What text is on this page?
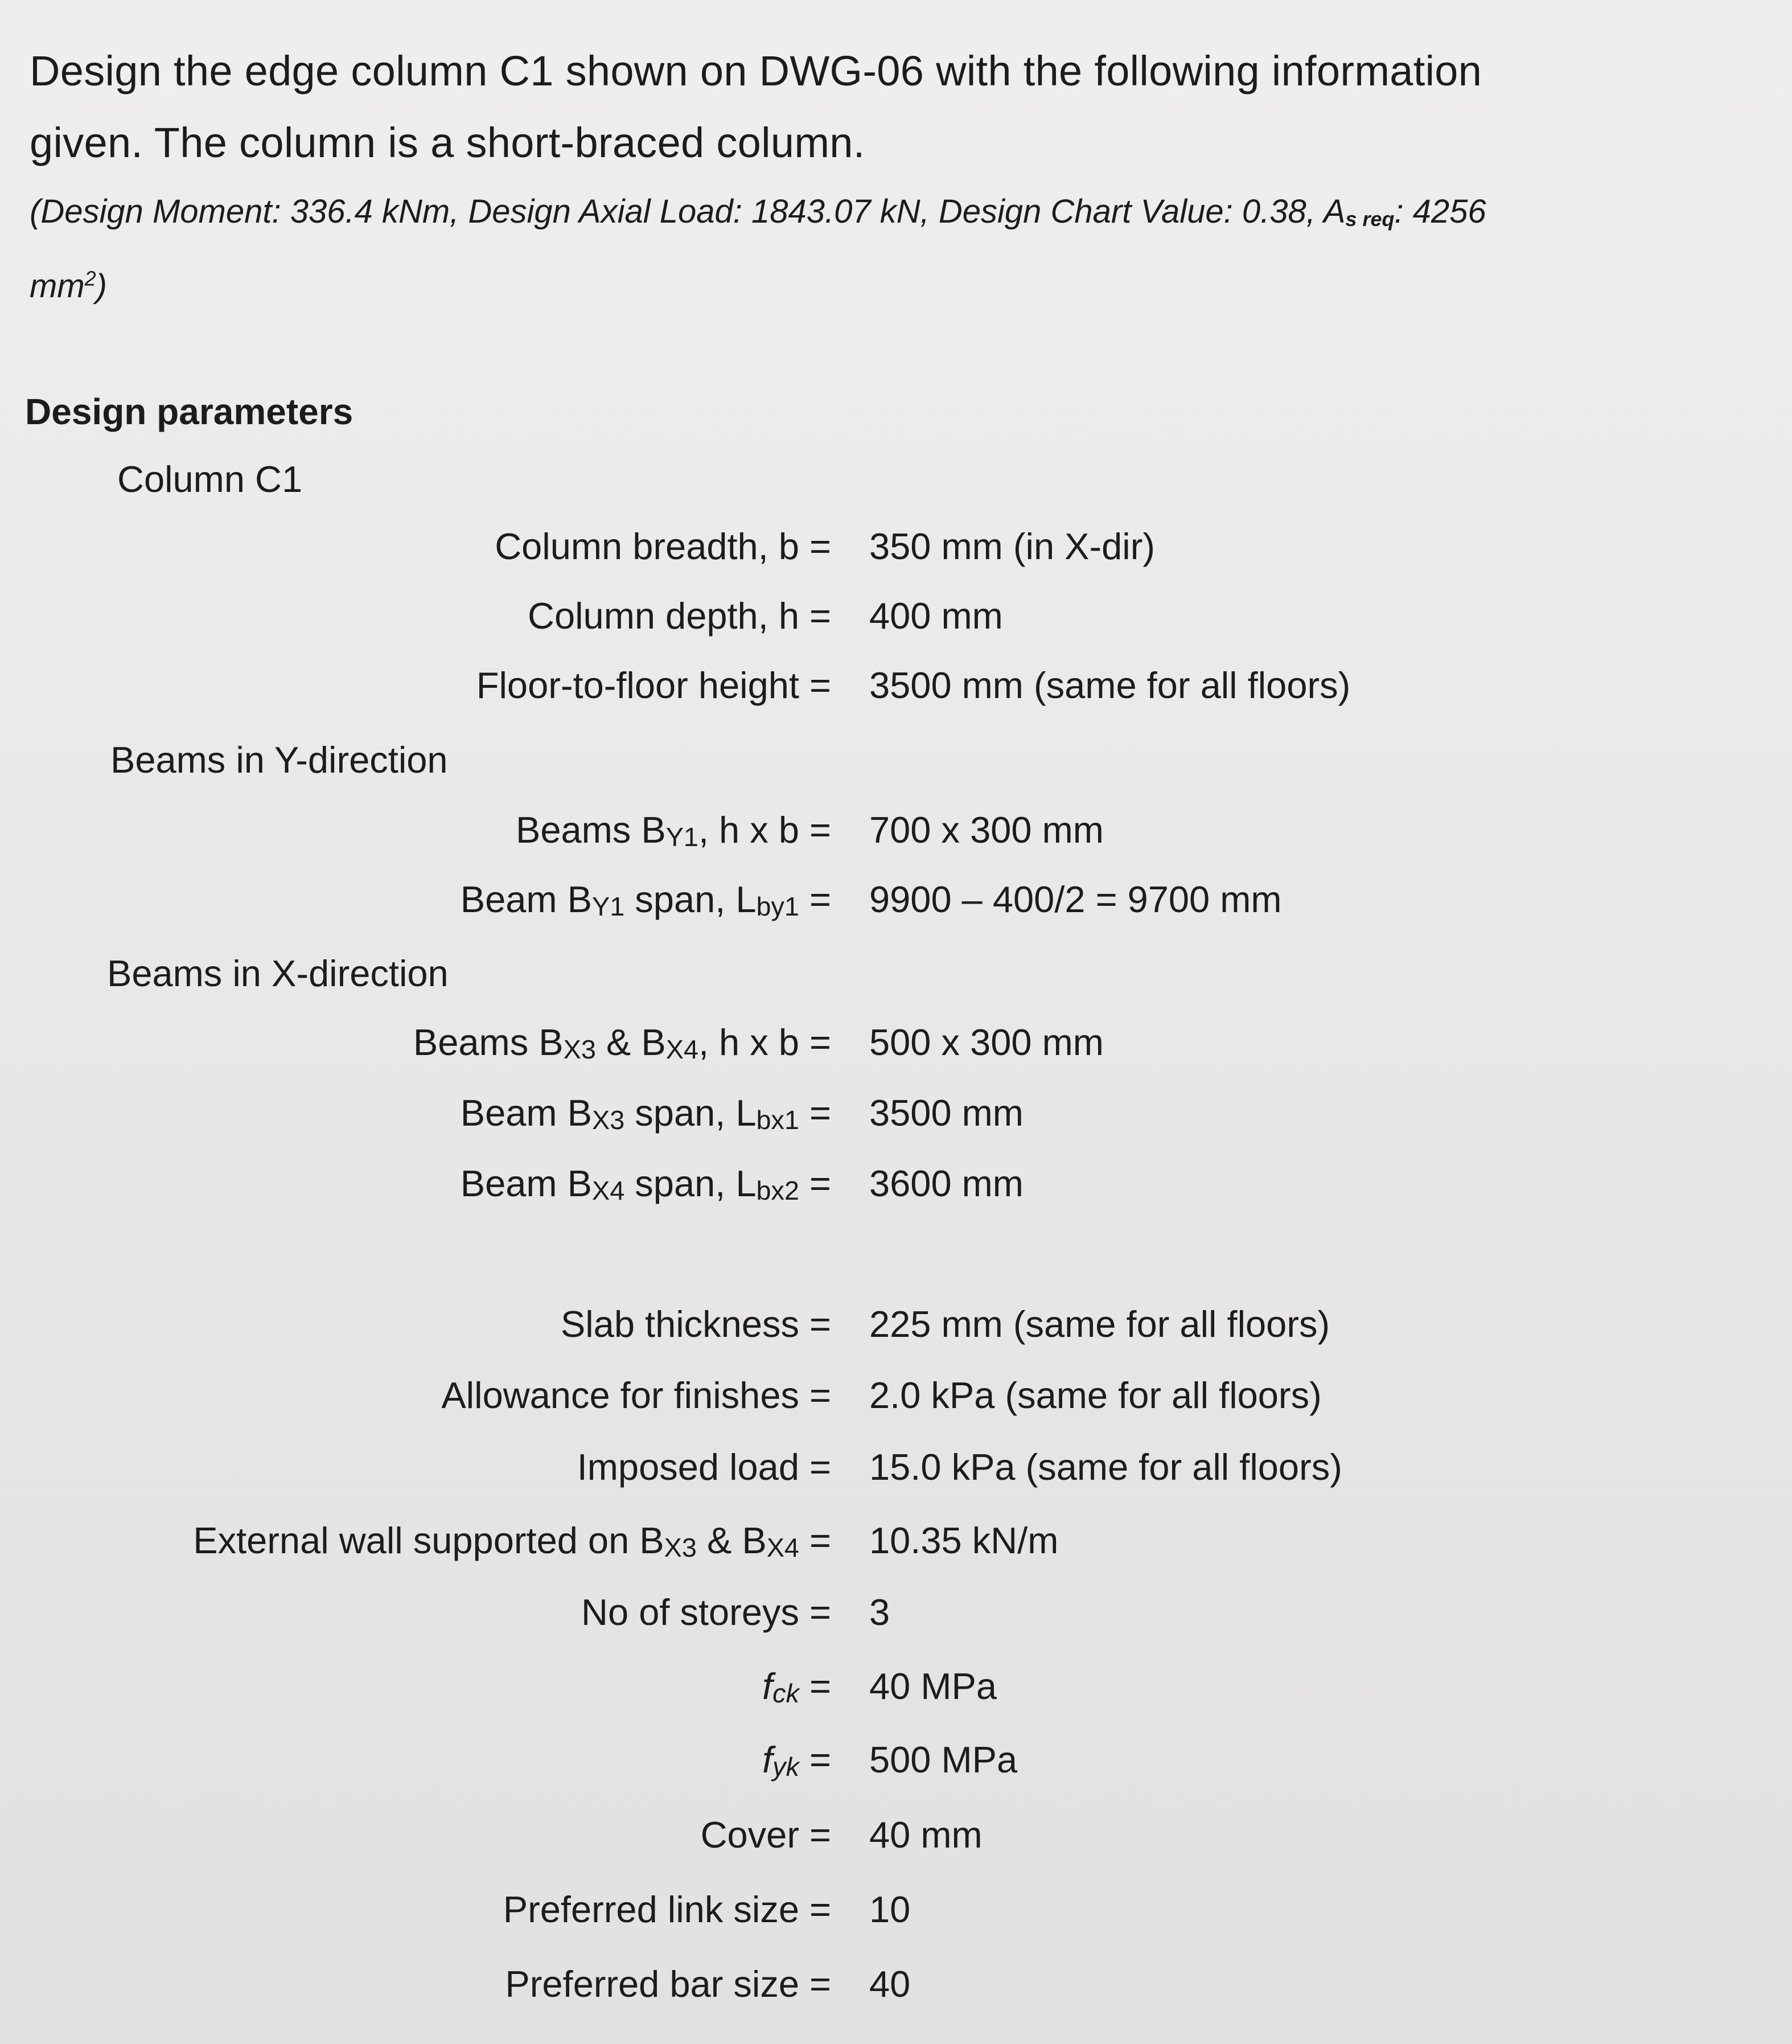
Design the edge column C1 shown on DWG-06 with the following information

given. The column is a short-braced column.

(Design Moment: 336.4 kNm, Design Axial Load: 1843.07 kN, Design Chart Value: 0.38, As req: 4256

$mm^2$)

Design parameters
Column C1
Column breadth, b = 350 mm (in X-dir)
Column depth, h = 400 mm
Floor-to-floor height = 3500 mm (same for all floors)
Beams in Y-direction
Beams BY1, h x b = 700 x 300 mm
Beam BY1 span, Lby1 = 9900 – 400/2 = 9700 mm
Beams in X-direction
Beams BX3 & BX4, h x b = 500 x 300 mm
Beam BX3 span, Lbx1 = 3500 mm
Beam BX4 span, Lbx2 = 3600 mm
Slab thickness = 225 mm (same for all floors)
Allowance for finishes = 2.0 kPa (same for all floors)
Imposed load = 15.0 kPa (same for all floors)
External wall supported on BX3 & BX4 = 10.35 kN/m
No of storeys = 3
fck = 40 MPa
fyk = 500 MPa
Cover = 40 mm
Preferred link size = 10
Preferred bar size = 40
